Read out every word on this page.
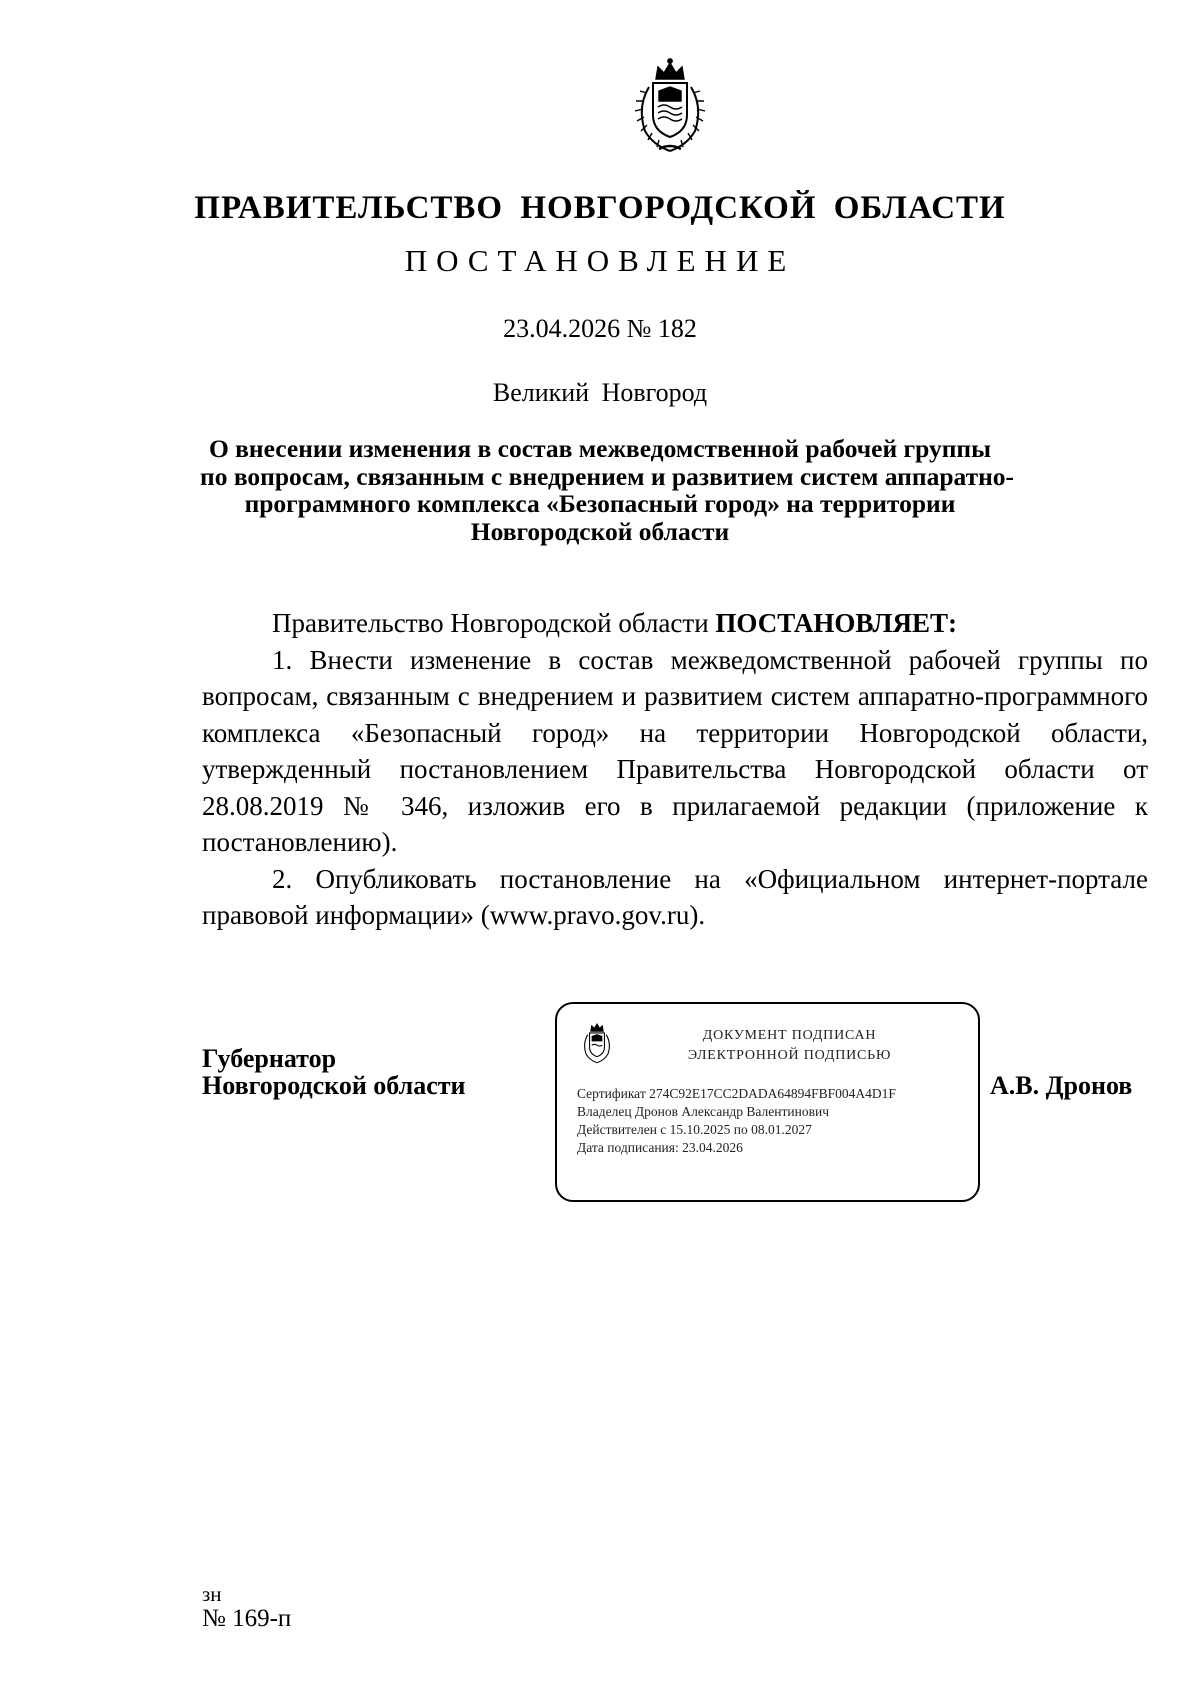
ПРАВИТЕЛЬСТВО НОВГОРОДСКОЙ ОБЛАСТИ
ПОСТАНОВЛЕНИЕ
23.04.2026 № 182
Великий Новгород
О внесении изменения в состав межведомственной рабочей группы
по вопросам, связанным с внедрением и развитием систем аппаратно-
программного комплекса «Безопасный город» на территории
Новгородской области

Правительство Новгородской области ПОСТАНОВЛЯЕТ:

1. Внести изменение в состав межведомственной рабочей группы по вопросам, связанным с внедрением и развитием систем аппаратно-программного комплекса «Безопасный город» на территории Новгородской области, утвержденный постановлением Правительства Новгородской области от 28.08.2019 № 346, изложив его в прилагаемой редакции (приложение к постановлению).

2. Опубликовать постановление на «Официальном интернет-портале правовой информации» (www.pravo.gov.ru).

Губернатор
Новгородской области
ДОКУМЕНТ ПОДПИСАН
ЭЛЕКТРОННОЙ ПОДПИСЬЮ
Сертификат 274C92E17CC2DADA64894FBF004A4D1F
Владелец Дронов Александр Валентинович
Действителен с 15.10.2025 по 08.01.2027
Дата подписания: 23.04.2026
А.В. Дронов
зн
№ 169-п
